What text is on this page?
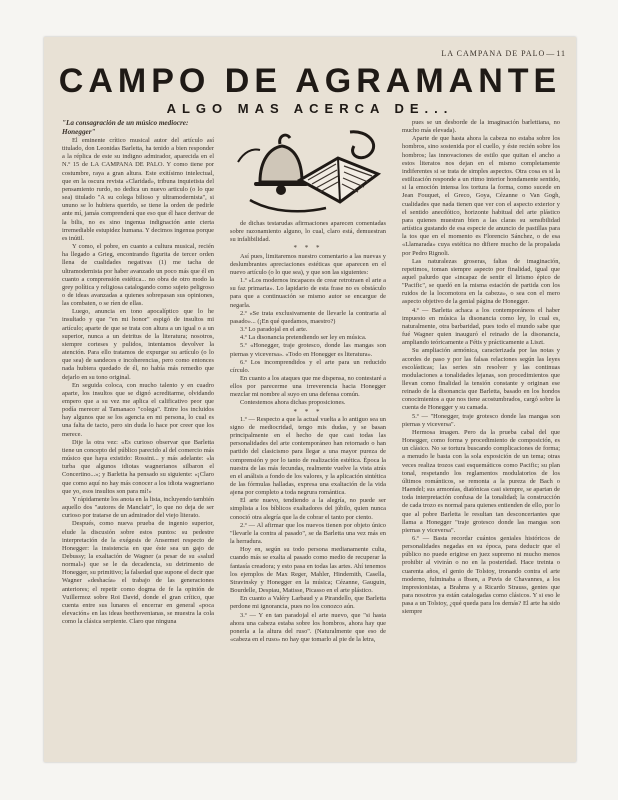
LA CAMPANA DE PALO—11
CAMPO DE AGRAMANTE
ALGO MAS ACERCA DE...

"La consagración de un músico mediocre: Honegger"

El eminente crítico musical autor del artículo así titulado, don Leonidas Barletta, ha tenido a bien responder a la réplica de este su indigno admirador, aparecida en el N.º 15 de LA CAMPANA DE PALO. Y como tiene por costumbre, raya a gran altura. Este exitísimo intelectual, que en la oscura revista «Claridad», tribuna inquietista del pensamiento rurdo, no dedica un nuevo articulo (o lo que sea) titulado "A su colega bilioso y ultramodernista", si ununo se lo hubiera querido, se tiene la orden de pedirle ante mí, jamás comprenderá que eso que él hace derivar de la bilis, no es sino ingenua indignación ante cierta irremediable estupidez humana. Y decimos ingenua porque es inútil.

Y como, el pobre, en cuanto a cultura musical, recién ha llegado a Grieg, encontrando figurita de tercer orden llena de cualidades negativas (1) me tacha de ultramodernista por haber avanzado un poco más que él en cuanto a comprensión estética... no obra de otro modo la grey política y religiosa catalogando como sujeto peligroso o de ideas avanzadas a quienes sobrepasan sus opiniones, las combaten, o se ríen de ellas.

Luego, anuncia en tono apocalíptico que lo he insultado y que "en mi honor" espigó de insultos mi artículo; aparte de que se trata con altura a un igual o a un superior, nunca a un detritus de la literatura; nosotros, siempre corteses y pulidos, intentamos devolver la atención. Para ello tratamos de expurgar su artículo (o lo que sea) de sandeces e incoherencias, pero como entonces nada hubiera quedado de él, no había más remedio que dejarlo en su tono original.

En seguida coloca, con mucho talento y en cuadro aparte, los insultos que se dignó acreditarme, olvidando empero que a su vez me aplica el calificativo peor que podía merecer al Tamanaco "colega". Entre los incluidos hay algunos que se los agencia en mi persona, lo cual es una falta de tacto, pero sin duda lo hace por creer que los merece.

Dije la otra vez: «Es curioso observar que Barletta tiene un concepto del público parecido al del comercio más músico que haya existido: Rossini... y más adelante: «la turba que algunos idiotas wagnerianos silbaron el Concertino...»; y Barletta ha pensado su siguiente: «¡Claro que como aquí no hay más conocer a los idiota wagneriano que yo, esos insultos son para mí!»

Y rápidamente los anota en la lista, incluyendo también aquello dos "autores de Manclair", lo que no deja de ser curioso por tratarse de un admirador del viejo literato.

Después, como nueva prueba de ingenio superior, elude la discusión sobre estos puntos: su pedestre interpretación de la exégesis de Ansermet respecto de Honegger: la insistencia en que éste sea un gajo de Debussy; la exaltación de Wagner (a pesar de su «salud normal») que se le da decadencia, su detrimento de Honegger, su primitivo; la falsedad que supone el decir que Wagner «deshacía» el trabajo de las generaciones anteriores; el repetir como dogma de fe la opinión de Vuillermoz sobre Roi David, donde el gran crítico, que cuenta entre sus lunares el encerrar en general «poca elevación» en las ideas beethovenianas, se muestra la cola como la clásica serpiente. Claro que ninguna

de dichas testarudas afirmaciones aparecen comentadas sobre razonamiento alguno, lo cual, claro está, demuestran su infalibilidad.

* * *

Así pues, limitaremos nuestro comentario a las nuevas y deslumbrantes apreciaciones estéticas que aparecen en el nuevo artículo (o lo que sea), y que son las siguientes:

1.º «Los modernos incapaces de crear retrotraen el arte a su faz primaria». Lo lapidario de esta frase no es obstáculo para que a continuación se mismo autor se encargue de negarla.

2.º «Se trata exclusivamente de llevarle la contraria al pasado»... (¡En qué quedamos, maestro?)

3.º Lo paradojal en el arte.

4.º La disonancia pretendiendo ser ley en música.

5.º «Honegger, traje grotesco, donde las mangas son piernas y viceversa». «Todo en Honegger es literatura».

6.º Los incomprendidos y el arte para un reducido círculo.

En cuanto a los ataques que me dispensa, no contestaré a ellos por parecerme una irreverencia hacia Honegger mezclar mi nombre al suyo en una defensa común.

Contestemos ahora dichas proposiciones.

* * *

1.º — Respecto a que la actual vuelta a lo antiguo sea un signo de mediocridad, tengo mis dudas, y se basan principalmente en el hecho de que casi todas las personalidades del arte contemporáneo han retornado o han partido del clasicismo para llegar a una mayor pureza de comprensión y por lo tanto de realización estética. Época la nuestra de las más fecundas, realmente vuelve la vista atrás en el análisis a fondo de los valores, y la aplicación sintética de las fórmulas halladas, expresa una exaltación de la vida ajena por completo a toda negrura romántica.

El arte nuevo, tendiendo a la alegría, no puede ser simplista a los bíblicos exaltadores del júbilo, quien nunca conoció otra alegría que la de cobrar el tanto por ciento.

2.º — Al afirmar que los nuevos tienen por objeto único "llevarle la contra al pasado", se da Barletta una vez más en la herradura.

Hoy en, según su todo persona medianamente culta, cuando más se exalta al pasado como medio de recuperar la fantasía creadora; y esto pasa en todas las artes. Ahí tenemos los ejemplos de Max Reger, Mahler, Hindemith, Casella, Stravinsky y Honegger en la música; Cézanne, Gauguin, Bourdelle, Despiau, Matisse, Picasso en el arte plástico.

En cuanto a Valéry Larbaud y a Pirandello, que Barletta perdone mi ignorancia, pues no los conozco aún.

3.º — Y en tan paradojal el arte nuevo, que "si hasta ahora una cabeza estaba sobre los hombros, ahora hay que ponerla a la altura del ruso". (Naturalmente que eso de «cabeza en el ruso» no hay que tomarlo al pie de la letra,

pues se un desborde de la imaginación barlettiana, no mucho más elevada).

Aparte de que hasta ahora la cabeza no estaba sobre los hombros, sino sostenida por el cuello, y éste recién sobre los hombros; las innovaciones de estilo que quitan el ancho a estos literatos nos dejan en el mismo completamente indiferentes si se trata de simples aspectos. Otra cosa es si la estilización responde a un ritmo interior hondamente sentido, si la emoción intensa los tortura la forma, como sucede en Jean Fouquet, el Greco, Goya, Cézanne o Van Gogh, cualidades que nada tienen que ver con el aspecto exterior y el sentido anecdótico, horizonte habitual del arte plástico para quienes muestran bien a las claras su sensibilidad artística gustando de esa especie de anuncio de pastillas para la tos que en el momento es Florencio Sánchez, o de esa «Llamarada» cuya estética no difiere mucho de la propalada por Pedro Rignoli.

Las naturalezas groseras, faltas de imaginación, repetimos, toman siempre aspecto por finalidad, igual que aquel palurdo que «incapaz de sentir el lirismo épico de "Pacific", se quedó en la misma estación de partida con los ruidos de la locomotora en la cabeza», o sea con el mero aspecto objetivo de la genial página de Honegger.

4.º — Barletta achaca a los contemporáneos el haber impuesto en música la disonancia como ley, lo cual es, naturalmente, otra barbaridad, pues todo el mundo sabe que fué Wagner quien inauguró el reinado de la disonancia, ampliando teóricamente a Fétis y prácticamente a Liszt.

Su ampliación armónica, caracterizada por las notas y acordes de paso y por las falsas relaciones según las leyes escolásticas; las series sin resolver y las continuas modulaciones a tonalidades lejanas, son procedimientos que llevan como finalidad la tensión constante y originan ese reinado de la disonancia que Barletta, basado en los hondos conocimientos a que nos tiene acostumbrados, cargó sobre la cuenta de Honegger y su camada.

5.º — "Honegger, traje grotesco donde las mangas son piernas y viceversa".

Hermosa imagen. Pero da la prueba cabal del que Honegger, como forma y procedimiento de composición, es un clásico. No se tortura buscando complicaciones de forma; a menudo le basta con la sola exposición de un tema; otras veces realiza trozos casi esquemáticos como Pacific; su plan tonal, respetando los reglamentos modulatorios de los últimos románticos, se remonta a la pureza de Bach o Haendel; sus armonías, diatónicas casi siempre, se apartan de toda interpretación confusa de la tonalidad; la construcción de cada trozo es normal para quienes entienden de ello, por lo que al pobre Barletta le resultan tan desconcertantes que llama a Honegger "traje grotesco donde las mangas son piernas y viceversa".

6.º — Basta recordar cuántos geniales históricos de personalidades negadas en su época, para deducir que el público no puede erigirse en juez supremo ni mucho menos prohibir al vivirán o no en la posteridad. Hace treinta o cuarenta años, el genio de Tolstoy, tronando contra el arte moderno, fulminaba a Ibsen, a Puvis de Chavannes, a los impresionistas, a Brahms y a Ricardo Strauss, gentes que para nosotros ya están catalogadas como clásicos. Y si eso le pasa a un Tolstoy, ¿qué queda para los demás? El arte ha sido siempre
